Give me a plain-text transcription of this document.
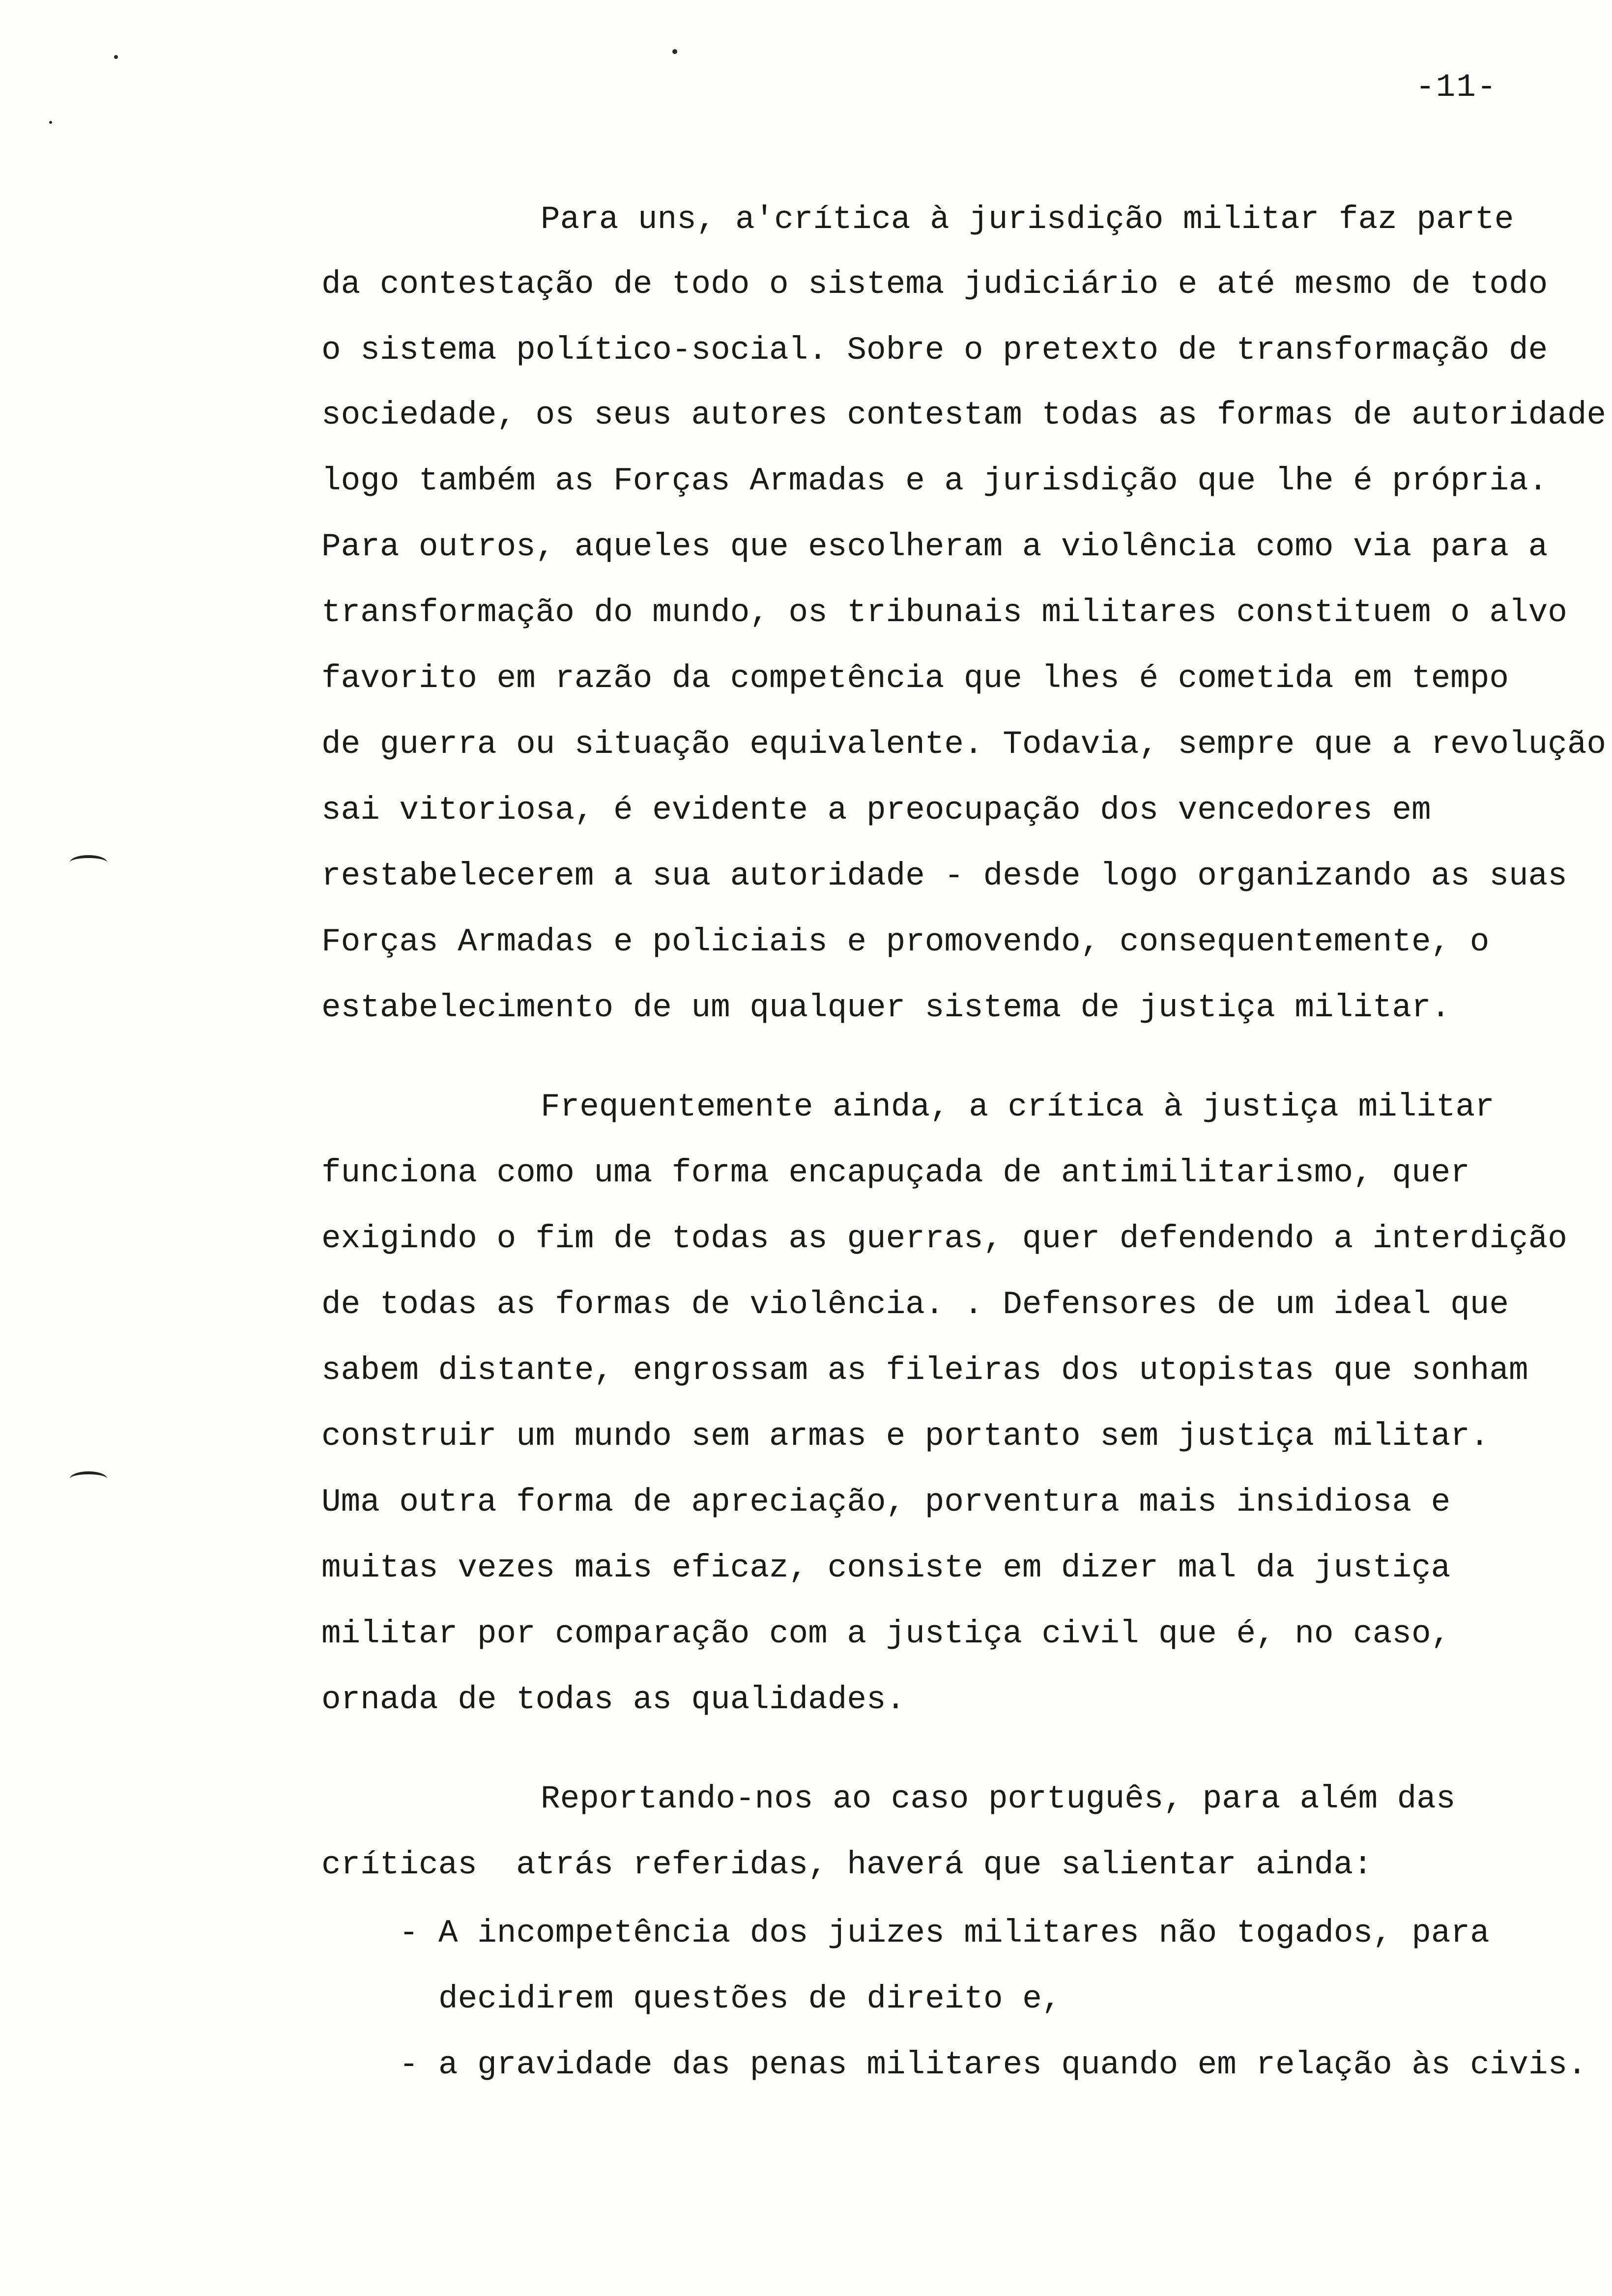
-11-
Para uns, a'crítica à jurisdição militar faz parte
da contestação de todo o sistema judiciário e até mesmo de todo
o sistema político-social. Sobre o pretexto de transformação de
sociedade, os seus autores contestam todas as formas de autoridade
logo também as Forças Armadas e a jurisdição que lhe é própria.
Para outros, aqueles que escolheram a violência como via para a
transformação do mundo, os tribunais militares constituem o alvo
favorito em razão da competência que lhes é cometida em tempo
de guerra ou situação equivalente. Todavia, sempre que a revolução
sai vitoriosa, é evidente a preocupação dos vencedores em
restabelecerem a sua autoridade - desde logo organizando as suas
Forças Armadas e policiais e promovendo, consequentemente, o
estabelecimento de um qualquer sistema de justiça militar.
Frequentemente ainda, a crítica à justiça militar
funciona como uma forma encapuçada de antimilitarismo, quer
exigindo o fim de todas as guerras, quer defendendo a interdição
de todas as formas de violência. . Defensores de um ideal que
sabem distante, engrossam as fileiras dos utopistas que sonham
construir um mundo sem armas e portanto sem justiça militar.
Uma outra forma de apreciação, porventura mais insidiosa e
muitas vezes mais eficaz, consiste em dizer mal da justiça
militar por comparação com a justiça civil que é, no caso,
ornada de todas as qualidades.
Reportando-nos ao caso português, para além das
críticas  atrás referidas, haverá que salientar ainda:
- A incompetência dos juizes militares não togados, para
decidirem questões de direito e,
- a gravidade das penas militares quando em relação às civis.
